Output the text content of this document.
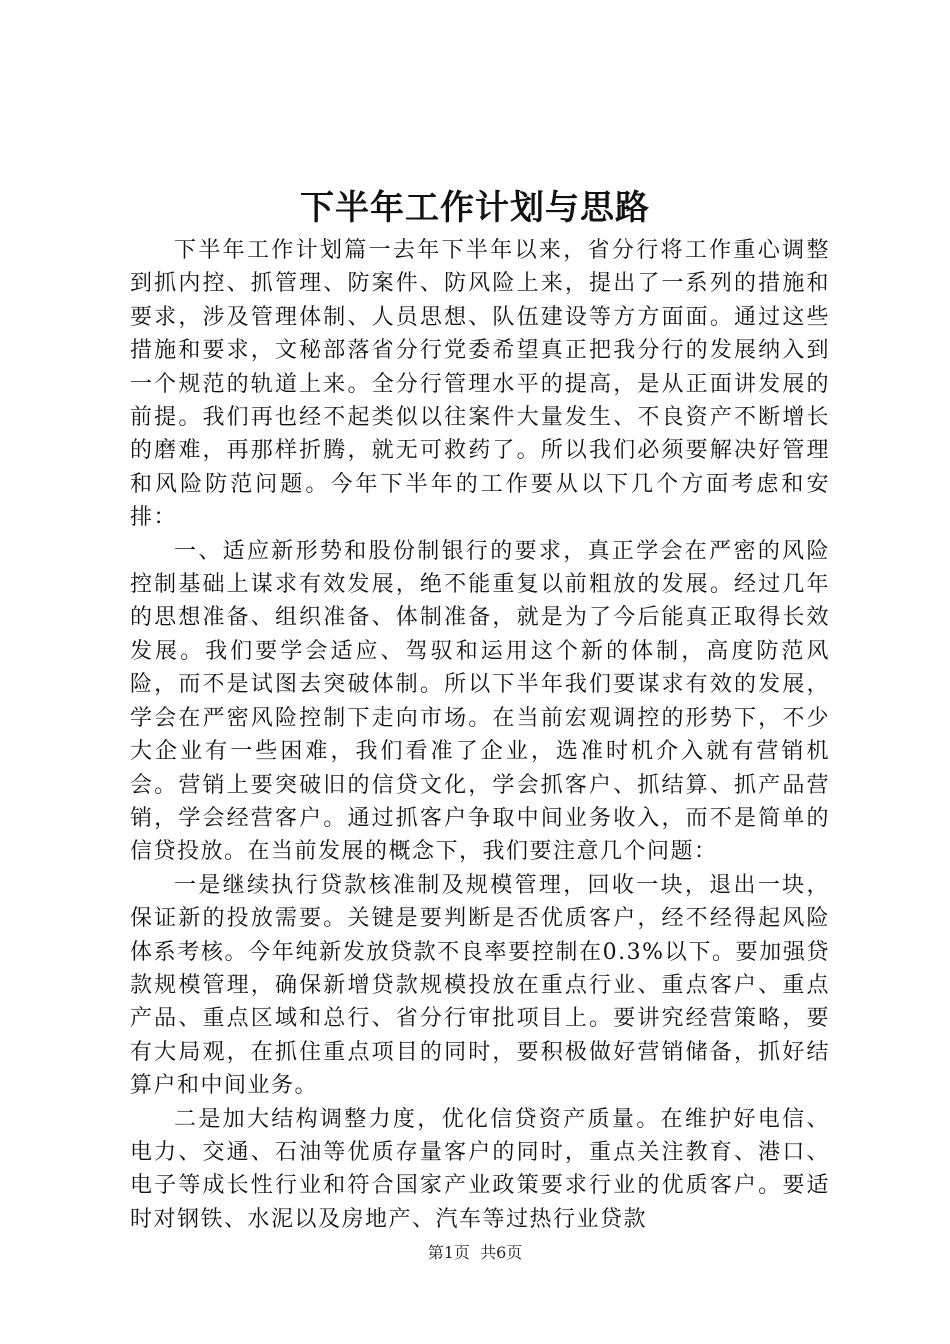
下半年工作计划与思路

下半年工作计划篇一去年下半年以来，省分行将工作重心调整到抓内控、抓管理、防案件、防风险上来，提出了一系列的措施和要求，涉及管理体制、人员思想、队伍建设等方方面面。通过这些措施和要求，文秘部落省分行党委希望真正把我分行的发展纳入到一个规范的轨道上来。全分行管理水平的提高，是从正面讲发展的前提。我们再也经不起类似以往案件大量发生、不良资产不断增长的磨难，再那样折腾，就无可救药了。所以我们必须要解决好管理和风险防范问题。今年下半年的工作要从以下几个方面考虑和安排：

一、适应新形势和股份制银行的要求，真正学会在严密的风险控制基础上谋求有效发展，绝不能重复以前粗放的发展。经过几年的思想准备、组织准备、体制准备，就是为了今后能真正取得长效发展。我们要学会适应、驾驭和运用这个新的体制，高度防范风险，而不是试图去突破体制。所以下半年我们要谋求有效的发展，学会在严密风险控制下走向市场。在当前宏观调控的形势下，不少大企业有一些困难，我们看准了企业，选准时机介入就有营销机会。营销上要突破旧的信贷文化，学会抓客户、抓结算、抓产品营销，学会经营客户。通过抓客户争取中间业务收入，而不是简单的信贷投放。在当前发展的概念下，我们要注意几个问题：

一是继续执行贷款核准制及规模管理，回收一块，退出一块，保证新的投放需要。关键是要判断是否优质客户，经不经得起风险体系考核。今年纯新发放贷款不良率要控制在0.3%以下。要加强贷款规模管理，确保新增贷款规模投放在重点行业、重点客户、重点产品、重点区域和总行、省分行审批项目上。要讲究经营策略，要有大局观，在抓住重点项目的同时，要积极做好营销储备，抓好结算户和中间业务。

二是加大结构调整力度，优化信贷资产质量。在维护好电信、电力、交通、石油等优质存量客户的同时，重点关注教育、港口、电子等成长性行业和符合国家产业政策要求行业的优质客户。要适时对钢铁、水泥以及房地产、汽车等过热行业贷款

第1页 共6页
